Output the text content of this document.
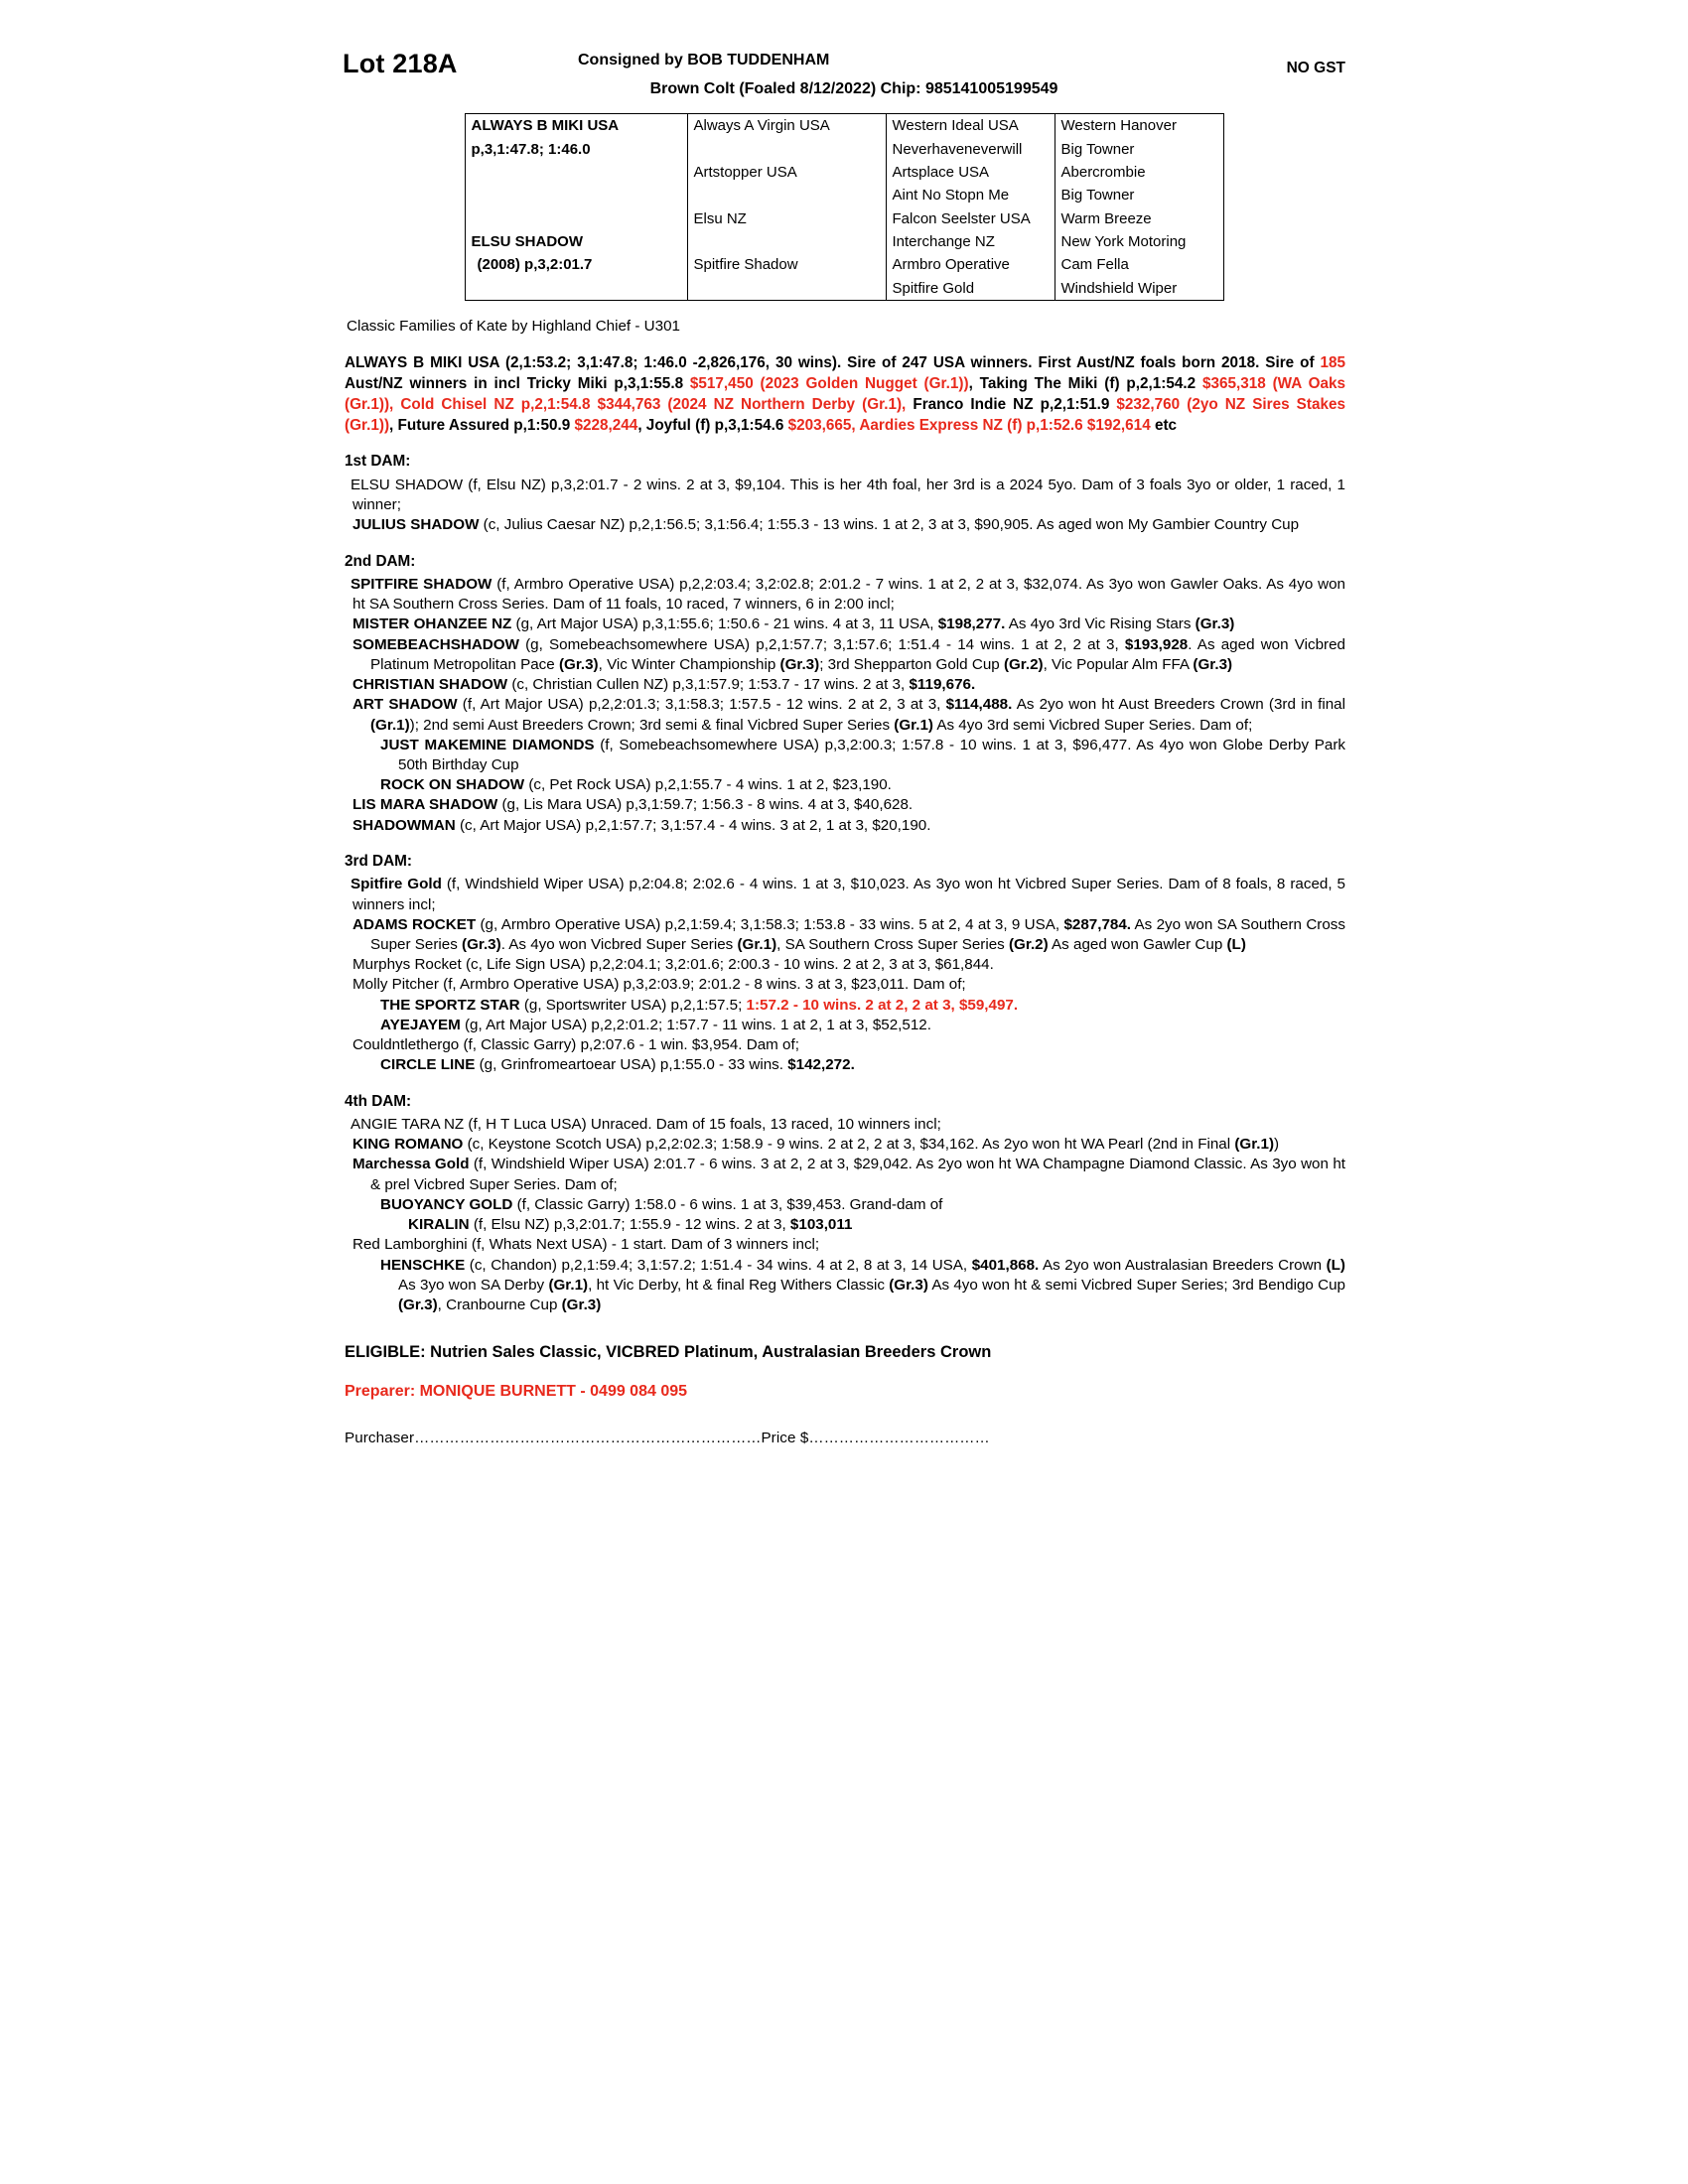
Lot 218A	Consigned by BOB TUDDENHAM	NO GST
Brown Colt (Foaled 8/12/2022) Chip: 985141005199549
ALWAYS B MIKI USA	Always A Virgin USA	Western Ideal USA	Western Hanover

p,3,1:47.8; 1:46.0		Neverhaveneverwill	Big Towner
	Artstopper USA	Artsplace USA	Abercrombie
		Aint No Stopn Me	Big Towner
	Elsu NZ	Falcon Seelster USA	Warm Breeze

ELSU SHADOW		Interchange NZ	New York Motoring

(2008) p,3,2:01.7	Spitfire Shadow	Armbro Operative	Cam Fella
		Spitfire Gold	Windshield Wiper
Classic Families of Kate by Highland Chief - U301
ALWAYS B MIKI USA (2,1:53.2; 3,1:47.8; 1:46.0 -2,826,176, 30 wins). Sire of 247 USA winners. First Aust/NZ foals born 2018. Sire of 185 Aust/NZ winners in incl Tricky Miki p,3,1:55.8 $517,450 (2023 Golden Nugget (Gr.1)), Taking The Miki (f) p,2,1:54.2 $365,318 (WA Oaks (Gr.1)), Cold Chisel NZ p,2,1:54.8 $344,763 (2024 NZ Northern Derby (Gr.1), Franco Indie NZ p,2,1:51.9 $232,760 (2yo NZ Sires Stakes (Gr.1)), Future Assured p,1:50.9 $228,244, Joyful (f) p,3,1:54.6 $203,665, Aardies Express NZ (f) p,1:52.6 $192,614 etc
1st DAM:
ELSU SHADOW (f, Elsu NZ) p,3,2:01.7 - 2 wins. 2 at 3, $9,104. This is her 4th foal, her 3rd is a 2024 5yo. Dam of 3 foals 3yo or older, 1 raced, 1 winner;
JULIUS SHADOW (c, Julius Caesar NZ) p,2,1:56.5; 3,1:56.4; 1:55.3 - 13 wins. 1 at 2, 3 at 3, $90,905. As aged won My Gambier Country Cup
2nd DAM:
SPITFIRE SHADOW (f, Armbro Operative USA) p,2,2:03.4; 3,2:02.8; 2:01.2 - 7 wins. 1 at 2, 2 at 3, $32,074. As 3yo won Gawler Oaks. As 4yo won ht SA Southern Cross Series. Dam of 11 foals, 10 raced, 7 winners, 6 in 2:00 incl;
MISTER OHANZEE NZ (g, Art Major USA) p,3,1:55.6; 1:50.6 - 21 wins. 4 at 3, 11 USA, $198,277. As 4yo 3rd Vic Rising Stars (Gr.3)
SOMEBEACHSHADOW (g, Somebeachsomewhere USA) p,2,1:57.7; 3,1:57.6; 1:51.4 - 14 wins. 1 at 2, 2 at 3, $193,928. As aged won Vicbred Platinum Metropolitan Pace (Gr.3), Vic Winter Championship (Gr.3); 3rd Shepparton Gold Cup (Gr.2), Vic Popular Alm FFA (Gr.3)
CHRISTIAN SHADOW (c, Christian Cullen NZ) p,3,1:57.9; 1:53.7 - 17 wins. 2 at 3, $119,676.
ART SHADOW (f, Art Major USA) p,2,2:01.3; 3,1:58.3; 1:57.5 - 12 wins. 2 at 2, 3 at 3, $114,488. As 2yo won ht Aust Breeders Crown (3rd in final (Gr.1)); 2nd semi Aust Breeders Crown; 3rd semi & final Vicbred Super Series (Gr.1) As 4yo 3rd semi Vicbred Super Series. Dam of;
JUST MAKEMINE DIAMONDS (f, Somebeachsomewhere USA) p,3,2:00.3; 1:57.8 - 10 wins. 1 at 3, $96,477. As 4yo won Globe Derby Park 50th Birthday Cup
ROCK ON SHADOW (c, Pet Rock USA) p,2,1:55.7 - 4 wins. 1 at 2, $23,190.
LIS MARA SHADOW (g, Lis Mara USA) p,3,1:59.7; 1:56.3 - 8 wins. 4 at 3, $40,628.
SHADOWMAN (c, Art Major USA) p,2,1:57.7; 3,1:57.4 - 4 wins. 3 at 2, 1 at 3, $20,190.
3rd DAM:
Spitfire Gold (f, Windshield Wiper USA) p,2:04.8; 2:02.6 - 4 wins. 1 at 3, $10,023. As 3yo won ht Vicbred Super Series. Dam of 8 foals, 8 raced, 5 winners incl;
ADAMS ROCKET (g, Armbro Operative USA) p,2,1:59.4; 3,1:58.3; 1:53.8 - 33 wins. 5 at 2, 4 at 3, 9 USA, $287,784. As 2yo won SA Southern Cross Super Series (Gr.3). As 4yo won Vicbred Super Series (Gr.1), SA Southern Cross Super Series (Gr.2) As aged won Gawler Cup (L)
Murphys Rocket (c, Life Sign USA) p,2,2:04.1; 3,2:01.6; 2:00.3 - 10 wins. 2 at 2, 3 at 3, $61,844.
Molly Pitcher (f, Armbro Operative USA) p,3,2:03.9; 2:01.2 - 8 wins. 3 at 3, $23,011. Dam of;
THE SPORTZ STAR (g, Sportswriter USA) p,2,1:57.5; 1:57.2 - 10 wins. 2 at 2, 2 at 3, $59,497.
AYEJAYEM (g, Art Major USA) p,2,2:01.2; 1:57.7 - 11 wins. 1 at 2, 1 at 3, $52,512.
Couldntlethergo (f, Classic Garry) p,2:07.6 - 1 win. $3,954. Dam of;
CIRCLE LINE (g, Grinfromeartoear USA) p,1:55.0 - 33 wins. $142,272.
4th DAM:
ANGIE TARA NZ (f, H T Luca USA) Unraced. Dam of 15 foals, 13 raced, 10 winners incl;
KING ROMANO (c, Keystone Scotch USA) p,2,2:02.3; 1:58.9 - 9 wins. 2 at 2, 2 at 3, $34,162. As 2yo won ht WA Pearl (2nd in Final (Gr.1))
Marchessa Gold (f, Windshield Wiper USA) 2:01.7 - 6 wins. 3 at 2, 2 at 3, $29,042. As 2yo won ht WA Champagne Diamond Classic. As 3yo won ht & prel Vicbred Super Series. Dam of;
BUOYANCY GOLD (f, Classic Garry) 1:58.0 - 6 wins. 1 at 3, $39,453. Grand-dam of
KIRALIN (f, Elsu NZ) p,3,2:01.7; 1:55.9 - 12 wins. 2 at 3, $103,011
Red Lamborghini (f, Whats Next USA) - 1 start. Dam of 3 winners incl;
HENSCHKE (c, Chandon) p,2,1:59.4; 3,1:57.2; 1:51.4 - 34 wins. 4 at 2, 8 at 3, 14 USA, $401,868. As 2yo won Australasian Breeders Crown (L) As 3yo won SA Derby (Gr.1), ht Vic Derby, ht & final Reg Withers Classic (Gr.3) As 4yo won ht & semi Vicbred Super Series; 3rd Bendigo Cup (Gr.3), Cranbourne Cup (Gr.3)
ELIGIBLE: Nutrien Sales Classic, VICBRED Platinum, Australasian Breeders Crown
Preparer: MONIQUE BURNETT - 0499 084 095
Purchaser……………………………………………………………Price $………………………………
